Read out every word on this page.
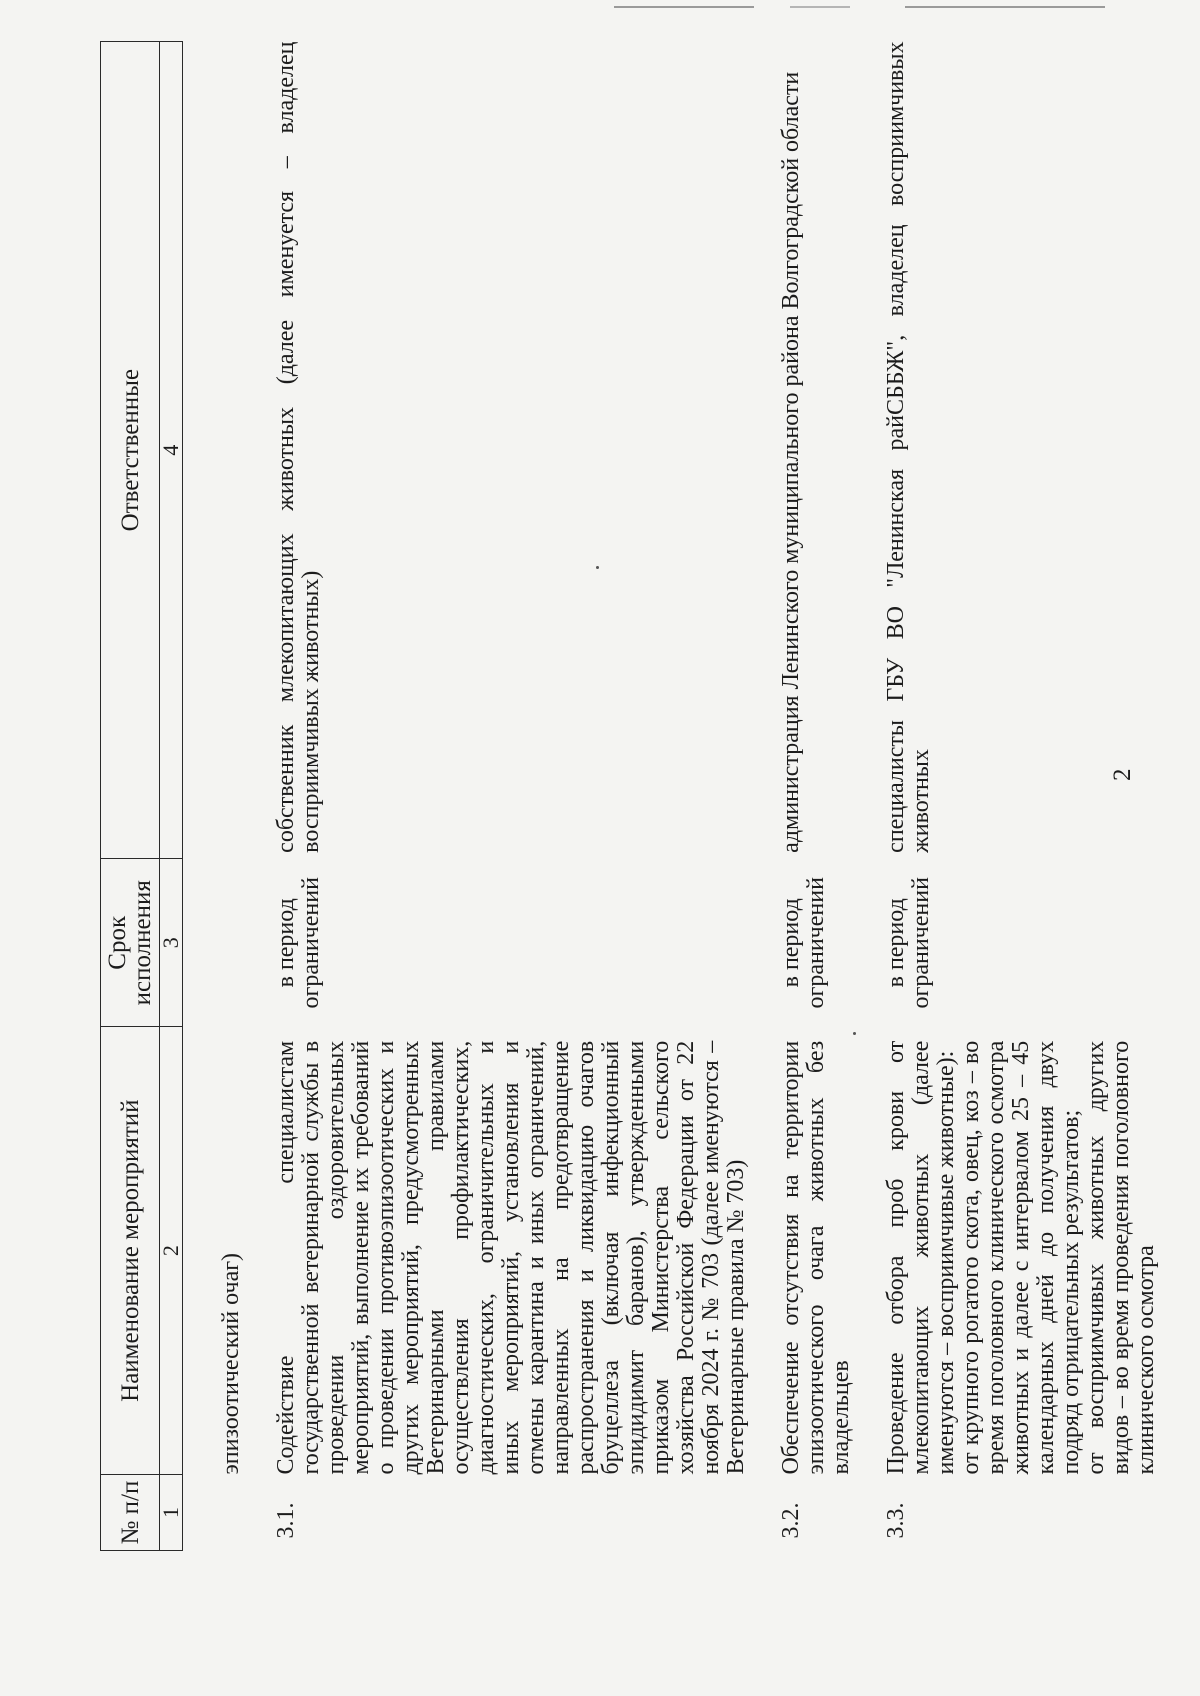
2
№ п/п	Наименование мероприятий	Срок исполнения	Ответственные
1	2	3	4
	эпизоотический очаг)		
3.1.	Содействие специалистам государственной ветеринарной службы в проведении оздоровительных мероприятий, выполнение их требований о проведении противоэпизоотических и других мероприятий, предусмотренных Ветеринарными правилами осуществления профилактических, диагностических, ограничительных и иных мероприятий, установления и отмены карантина и иных ограничений, направленных на предотвращение распространения и ликвидацию очагов бруцеллеза (включая инфекционный эпидидимит баранов), утвержденными приказом Министерства сельского хозяйства Российской Федерации от 22 ноября 2024 г. № 703 (далее именуются – Ветеринарные правила № 703)	в период ограничений	собственник млекопитающих животных (далее именуется – владелец восприимчивых животных)
3.2.	Обеспечение отсутствия на территории эпизоотического очага животных без владельцев	в период ограничений	администрация Ленинского муниципального района Волгоградской области
3.3.	Проведение отбора проб крови от млекопитающих животных (далее именуются – восприимчивые животные): от крупного рогатого скота, овец, коз – во время поголовного клинического осмотра животных и далее с интервалом 25 – 45 календарных дней до получения двух подряд отрицательных результатов; от восприимчивых животных других видов – во время проведения поголовного клинического осмотра	в период ограничений	специалисты ГБУ ВО "Ленинская райСББЖ", владелец восприимчивых животных
